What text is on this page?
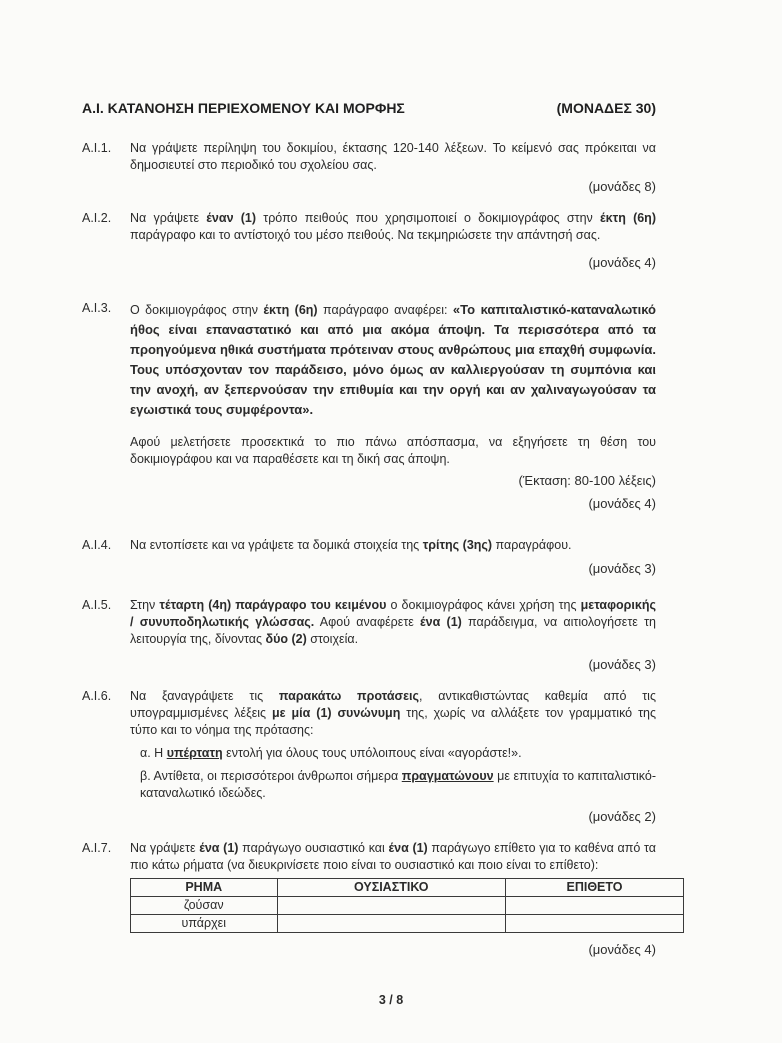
Α.Ι. ΚΑΤΑΝΟΗΣΗ ΠΕΡΙΕΧΟΜΕΝΟΥ ΚΑΙ ΜΟΡΦΗΣ	(ΜΟΝΑΔΕΣ 30)
Α.Ι.1.	Να γράψετε περίληψη του δοκιμίου, έκτασης 120-140 λέξεων. Το κείμενό σας πρόκειται να δημοσιευτεί στο περιοδικό του σχολείου σας.
(μονάδες 8)
Α.Ι.2.	Να γράψετε έναν (1) τρόπο πειθούς που χρησιμοποιεί ο δοκιμιογράφος στην έκτη (6η) παράγραφο και το αντίστοιχό του μέσο πειθούς. Να τεκμηριώσετε την απάντησή σας.
(μονάδες 4)
Α.Ι.3.	Ο δοκιμιογράφος στην έκτη (6η) παράγραφο αναφέρει: «Το καπιταλιστικό-καταναλωτικό ήθος είναι επαναστατικό και από μια ακόμα άποψη. Τα περισσότερα από τα προηγούμενα ηθικά συστήματα πρότειναν στους ανθρώπους μια επαχθή συμφωνία. Τους υπόσχονταν τον παράδεισο, μόνο όμως αν καλλιεργούσαν τη συμπόνια και την ανοχή, αν ξεπερνούσαν την επιθυμία και την οργή και αν χαλιναγωγούσαν τα εγωιστικά τους συμφέροντα».
Αφού μελετήσετε προσεκτικά το πιο πάνω απόσπασμα, να εξηγήσετε τη θέση του δοκιμιογράφου και να παραθέσετε και τη δική σας άποψη.
(Έκταση: 80-100 λέξεις)
(μονάδες 4)
Α.Ι.4.	Να εντοπίσετε και να γράψετε τα δομικά στοιχεία της τρίτης (3ης) παραγράφου.
(μονάδες 3)
Α.Ι.5.	Στην τέταρτη (4η) παράγραφο του κειμένου ο δοκιμιογράφος κάνει χρήση της μεταφορικής / συνυποδηλωτικής γλώσσας. Αφού αναφέρετε ένα (1) παράδειγμα, να αιτιολογήσετε τη λειτουργία της, δίνοντας δύο (2) στοιχεία.
(μονάδες 3)
Α.Ι.6.	Να ξαναγράψετε τις παρακάτω προτάσεις, αντικαθιστώντας καθεμία από τις υπογραμμισμένες λέξεις με μία (1) συνώνυμη της, χωρίς να αλλάξετε τον γραμματικό της τύπο και το νόημα της πρότασης:
α. Η υπέρτατη εντολή για όλους τους υπόλοιπους είναι «αγοράστε!».
β. Αντίθετα, οι περισσότεροι άνθρωποι σήμερα πραγματώνουν με επιτυχία το καπιταλιστικό-καταναλωτικό ιδεώδες.
(μονάδες 2)
Α.Ι.7.	Να γράψετε ένα (1) παράγωγο ουσιαστικό και ένα (1) παράγωγο επίθετο για το καθένα από τα πιο κάτω ρήματα (να διευκρινίσετε ποιο είναι το ουσιαστικό και ποιο είναι το επίθετο):
ΡΗΜΑ	ΟΥΣΙΑΣΤΙΚΟ	ΕΠΙΘΕΤΟ
ζούσαν		
υπάρχει		
(μονάδες 4)
3 / 8
